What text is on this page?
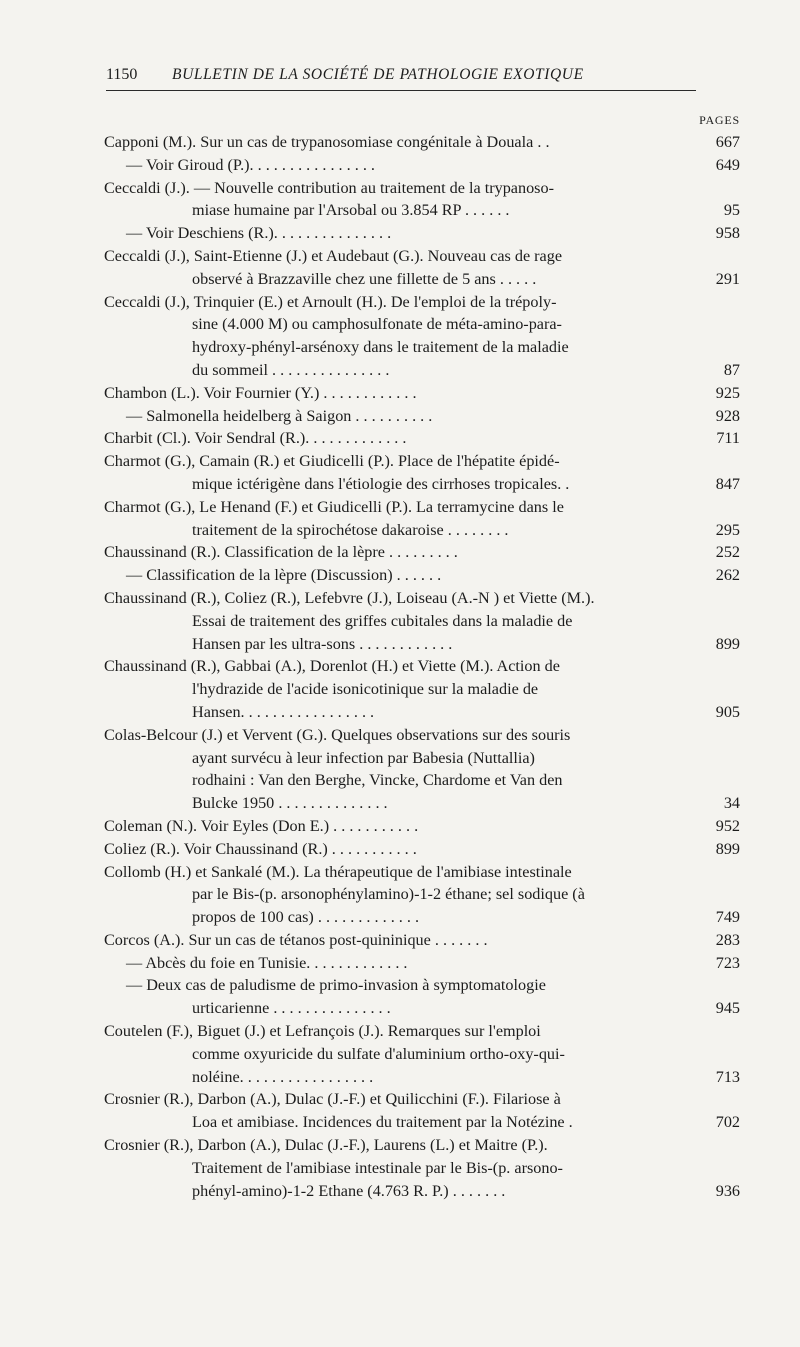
1150 BULLETIN DE LA SOCIÉTÉ DE PATHOLOGIE EXOTIQUE
PAGES
Capponi (M.). Sur un cas de trypanosomiase congénitale à Douala . .	667
— Voir Giroud (P.). . . . . . . . . . . . . . . .	649
Ceccaldi (J.). — Nouvelle contribution au traitement de la trypanoso-
miase humaine par l'Arsobal ou 3.854 RP . . . . . .	95
— Voir Deschiens (R.). . . . . . . . . . . . . . .	958
Ceccaldi (J.), Saint-Etienne (J.) et Audebaut (G.). Nouveau cas de rage
observé à Brazzaville chez une fillette de 5 ans . . . . .	291
Ceccaldi (J.), Trinquier (E.) et Arnoult (H.). De l'emploi de la trépoly-
sine (4.000 M) ou camphosulfonate de méta-amino-para-
hydroxy-phényl-arsénoxy dans le traitement de la maladie
du sommeil . . . . . . . . . . . . . . .	87
Chambon (L.). Voir Fournier (Y.) . . . . . . . . . . . .	925
— Salmonella heidelberg à Saigon . . . . . . . . . .	928
Charbit (Cl.). Voir Sendral (R.). . . . . . . . . . . . .	711
Charmot (G.), Camain (R.) et Giudicelli (P.). Place de l'hépatite épidé-
mique ictérigène dans l'étiologie des cirrhoses tropicales. .	847
Charmot (G.), Le Henand (F.) et Giudicelli (P.). La terramycine dans le
traitement de la spirochétose dakaroise . . . . . . . .	295
Chaussinand (R.). Classification de la lèpre . . . . . . . . .	252
— Classification de la lèpre (Discussion) . . . . . .	262
Chaussinand (R.), Coliez (R.), Lefebvre (J.), Loiseau (A.-N ) et Viette (M.).
Essai de traitement des griffes cubitales dans la maladie de
Hansen par les ultra-sons . . . . . . . . . . . .	899
Chaussinand (R.), Gabbai (A.), Dorenlot (H.) et Viette (M.). Action de
l'hydrazide de l'acide isonicotinique sur la maladie de
Hansen. . . . . . . . . . . . . . . . .	905
Colas-Belcour (J.) et Vervent (G.). Quelques observations sur des souris
ayant survécu à leur infection par Babesia (Nuttallia)
rodhaini : Van den Berghe, Vincke, Chardome et Van den
Bulcke 1950 . . . . . . . . . . . . . .	34
Coleman (N.). Voir Eyles (Don E.) . . . . . . . . . . .	952
Coliez (R.). Voir Chaussinand (R.) . . . . . . . . . . .	899
Collomb (H.) et Sankalé (M.). La thérapeutique de l'amibiase intestinale
par le Bis-(p. arsonophénylamino)-1-2 éthane; sel sodique (à
propos de 100 cas) . . . . . . . . . . . . .	749
Corcos (A.). Sur un cas de tétanos post-quininique . . . . . . .	283
— Abcès du foie en Tunisie. . . . . . . . . . . . .	723
— Deux cas de paludisme de primo-invasion à symptomatologie
urticarienne . . . . . . . . . . . . . . .	945
Coutelen (F.), Biguet (J.) et Lefrançois (J.). Remarques sur l'emploi
comme oxyuricide du sulfate d'aluminium ortho-oxy-qui-
noléine. . . . . . . . . . . . . . . . .	713
Crosnier (R.), Darbon (A.), Dulac (J.-F.) et Quilicchini (F.). Filariose à
Loa et amibiase. Incidences du traitement par la Notézine .	702
Crosnier (R.), Darbon (A.), Dulac (J.-F.), Laurens (L.) et Maitre (P.).
Traitement de l'amibiase intestinale par le Bis-(p. arsono-
phényl-amino)-1-2 Ethane (4.763 R. P.) . . . . . . .	936
